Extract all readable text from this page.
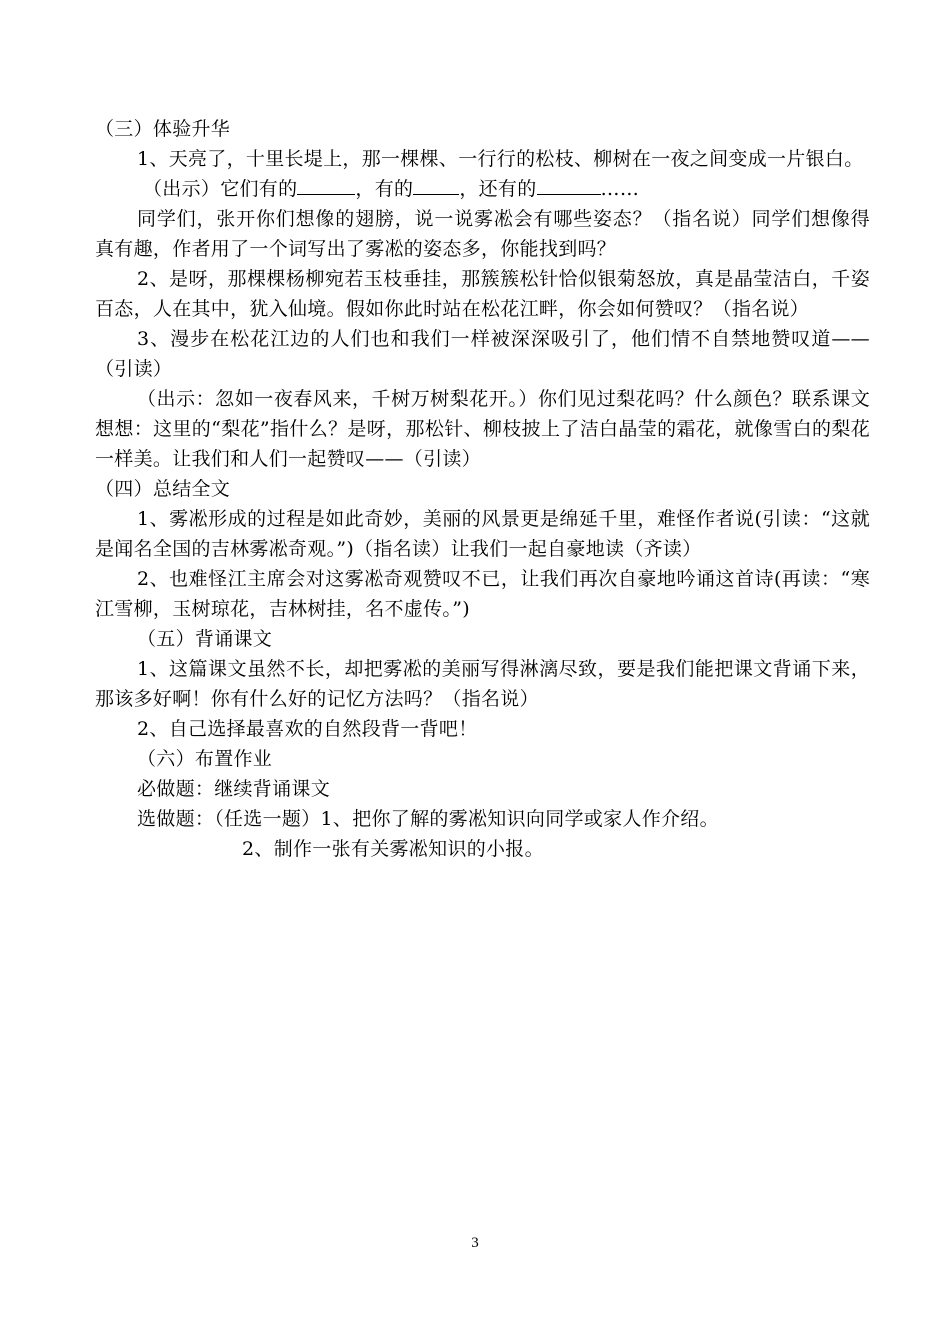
（三）体验升华

1、天亮了，十里长堤上，那一棵棵、一行行的松枝、柳树在一夜之间变成一片银白。

（出示）它们有的	，有的 ，还有的	……

同学们，张开你们想像的翅膀，说一说雾凇会有哪些姿态？（指名说）同学们想像得真有趣，作者用了一个词写出了雾凇的姿态多，你能找到吗？

2、是呀，那棵棵杨柳宛若玉枝垂挂，那簇簇松针恰似银菊怒放，真是晶莹洁白，千姿百态，人在其中，犹入仙境。假如你此时站在松花江畔，你会如何赞叹？（指名说）

3、漫步在松花江边的人们也和我们一样被深深吸引了，他们情不自禁地赞叹道——（引读）

（出示：忽如一夜春风来，千树万树梨花开。）你们见过梨花吗？什么颜色？联系课文想想：这里的“梨花”指什么？是呀，那松针、柳枝披上了洁白晶莹的霜花，就像雪白的梨花一样美。让我们和人们一起赞叹——（引读）

（四）总结全文

1、雾凇形成的过程是如此奇妙，美丽的风景更是绵延千里，难怪作者说(引读：“这就是闻名全国的吉林雾凇奇观。”)（指名读）让我们一起自豪地读（齐读）

2、也难怪江主席会对这雾凇奇观赞叹不已，让我们再次自豪地吟诵这首诗(再读：“寒江雪柳，玉树琼花，吉林树挂，名不虚传。”)

（五）背诵课文

1、这篇课文虽然不长，却把雾凇的美丽写得淋漓尽致，要是我们能把课文背诵下来，那该多好啊！你有什么好的记忆方法吗？（指名说）

2、自己选择最喜欢的自然段背一背吧！

（六）布置作业

必做题：继续背诵课文

选做题：（任选一题）1、把你了解的雾凇知识向同学或家人作介绍。

2、制作一张有关雾凇知识的小报。

3
